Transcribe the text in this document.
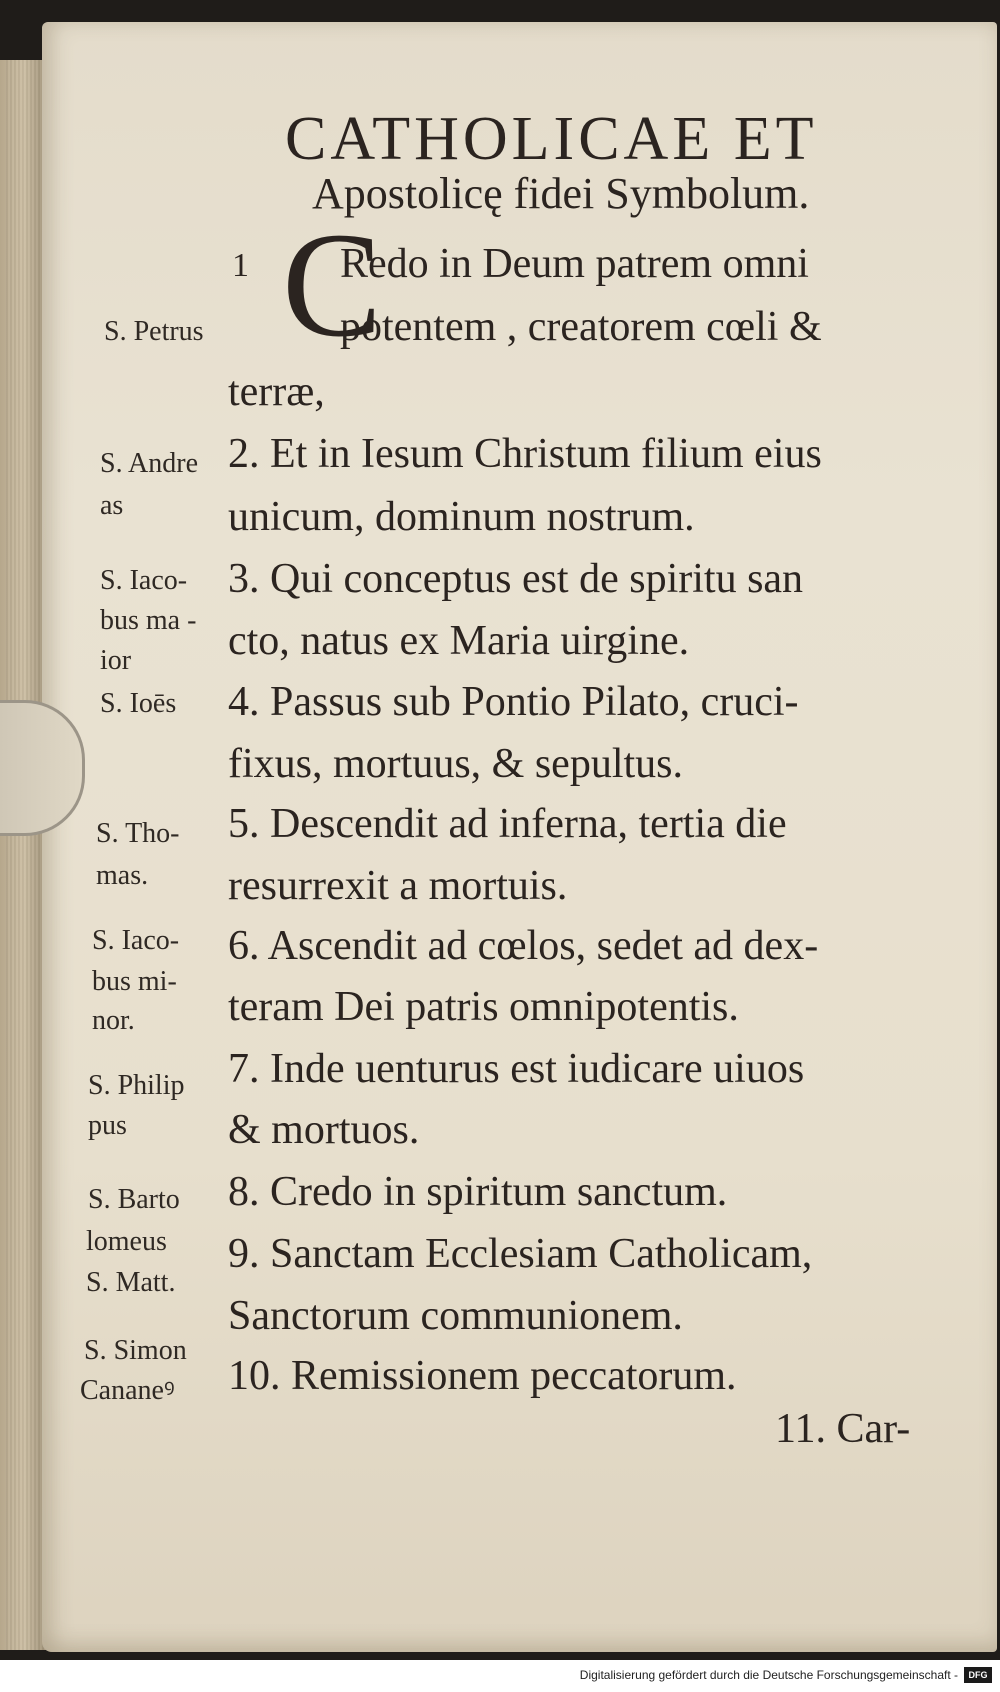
CATHOLICAE ET
Apostolicę fidei Symbolum.
C
1 Redo in Deum patrem omni
potentem , creatorem cœli &
terræ,
2. Et in Iesum Christum filium eius
unicum, dominum nostrum.
3. Qui conceptus est de spiritu san
cto, natus ex Maria uirgine.
4. Passus sub Pontio Pilato, cruci-
fixus, mortuus, & sepultus.
5. Descendit ad inferna, tertia die
resurrexit a mortuis.
6. Ascendit ad cœlos, sedet ad dex-
teram Dei patris omnipotentis.
7. Inde uenturus est iudicare uiuos
& mortuos.
8. Credo in spiritum sanctum.
9. Sanctam Ecclesiam Catholicam,
Sanctorum communionem.
10. Remissionem peccatorum.
S. Petrus
S. Andre
as
S. Iaco-
bus ma -
ior
S. Ioēs
S. Tho-
mas.
S. Iaco-
bus mi-
nor.
S. Philip
pus
S. Barto
lomeus
S. Matt.
S. Simon
Cananeꝰ
11. Car-
Digitalisierung gefördert durch die Deutsche Forschungsgemeinschaft -	DFG
